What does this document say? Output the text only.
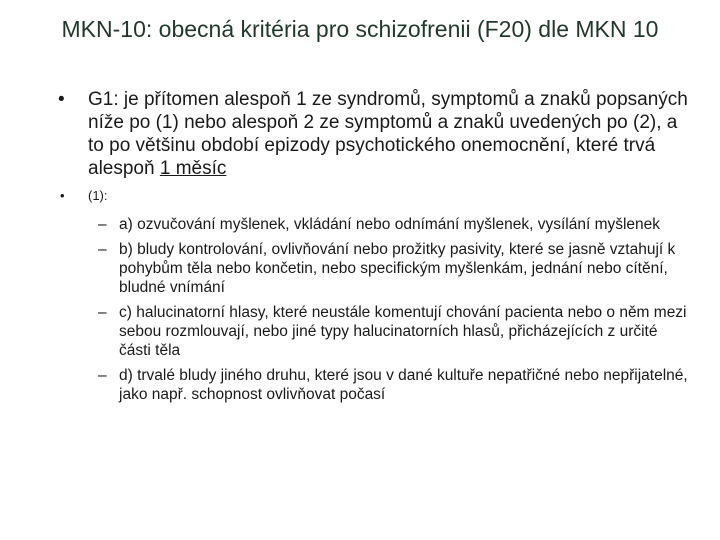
MKN-10: obecná kritéria pro schizofrenii (F20) dle MKN 10
• G1: je přítomen alespoň 1 ze syndromů, symptomů a znaků popsaných níže po (1) nebo alespoň 2 ze symptomů a znaků uvedených po (2), a to po většinu období epizody psychotického onemocnění, které trvá alespoň 1 měsíc
• (1):
– a) ozvučování myšlenek, vkládání nebo odnímání myšlenek, vysílání myšlenek
– b) bludy kontrolování, ovlivňování nebo prožitky pasivity, které se jasně vztahují k pohybům těla nebo končetin, nebo specifickým myšlenkám, jednání nebo cítění, bludné vnímání
– c) halucinatorní hlasy, které neustále komentují chování pacienta nebo o něm mezi sebou rozmlouvají, nebo jiné typy halucinatorních hlasů, přicházejících z určité části těla
– d) trvalé bludy jiného druhu, které jsou v dané kultuře nepatřičné nebo nepřijatelné, jako např. schopnost ovlivňovat počasí
